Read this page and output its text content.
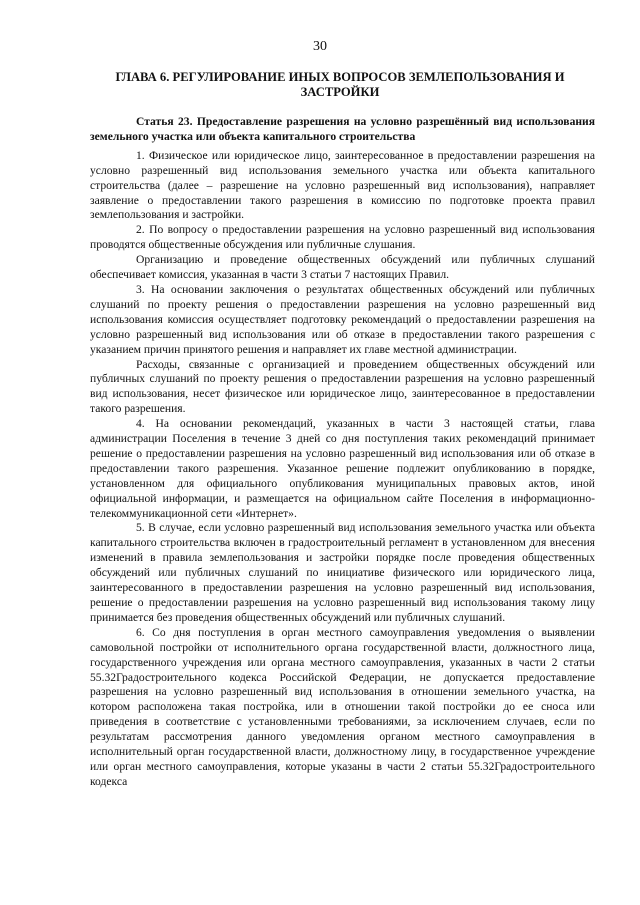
30
ГЛАВА 6. РЕГУЛИРОВАНИЕ ИНЫХ ВОПРОСОВ ЗЕМЛЕПОЛЬЗОВАНИЯ И ЗАСТРОЙКИ

Статья 23. Предоставление разрешения на условно разрешённый вид использования земельного участка или объекта капитального строительства

1. Физическое или юридическое лицо, заинтересованное в предоставлении разрешения на условно разрешенный вид использования земельного участка или объекта капитального строительства (далее – разрешение на условно разрешенный вид использования), направляет заявление о предоставлении такого разрешения в комиссию по подготовке проекта правил землепользования и застройки.

2. По вопросу о предоставлении разрешения на условно разрешенный вид использования проводятся общественные обсуждения или публичные слушания.

Организацию и проведение общественных обсуждений или публичных слушаний обеспечивает комиссия, указанная в части 3 статьи 7 настоящих Правил.

3. На основании заключения о результатах общественных обсуждений или публичных слушаний по проекту решения о предоставлении разрешения на условно разрешенный вид использования комиссия осуществляет подготовку рекомендаций о предоставлении разрешения на условно разрешенный вид использования или об отказе в предоставлении такого разрешения с указанием причин принятого решения и направляет их главе местной администрации.

Расходы, связанные с организацией и проведением общественных обсуждений или публичных слушаний по проекту решения о предоставлении разрешения на условно разрешенный вид использования, несет физическое или юридическое лицо, заинтересованное в предоставлении такого разрешения.

4. На основании рекомендаций, указанных в части 3 настоящей статьи, глава администрации Поселения в течение 3 дней со дня поступления таких рекомендаций принимает решение о предоставлении разрешения на условно разрешенный вид использования или об отказе в предоставлении такого разрешения. Указанное решение подлежит опубликованию в порядке, установленном для официального опубликования муниципальных правовых актов, иной официальной информации, и размещается на официальном сайте Поселения в информационно-телекоммуникационной сети «Интернет».

5. В случае, если условно разрешенный вид использования земельного участка или объекта капитального строительства включен в градостроительный регламент в установленном для внесения изменений в правила землепользования и застройки порядке после проведения общественных обсуждений или публичных слушаний по инициативе физического или юридического лица, заинтересованного в предоставлении разрешения на условно разрешенный вид использования, решение о предоставлении разрешения на условно разрешенный вид использования такому лицу принимается без проведения общественных обсуждений или публичных слушаний.

6. Со дня поступления в орган местного самоуправления уведомления о выявлении самовольной постройки от исполнительного органа государственной власти, должностного лица, государственного учреждения или органа местного самоуправления, указанных в части 2 статьи 55.32Градостроительного кодекса Российской Федерации, не допускается предоставление разрешения на условно разрешенный вид использования в отношении земельного участка, на котором расположена такая постройка, или в отношении такой постройки до ее сноса или приведения в соответствие с установленными требованиями, за исключением случаев, если по результатам рассмотрения данного уведомления органом местного самоуправления в исполнительный орган государственной власти, должностному лицу, в государственное учреждение или орган местного самоуправления, которые указаны в части 2 статьи 55.32Градостроительного кодекса
